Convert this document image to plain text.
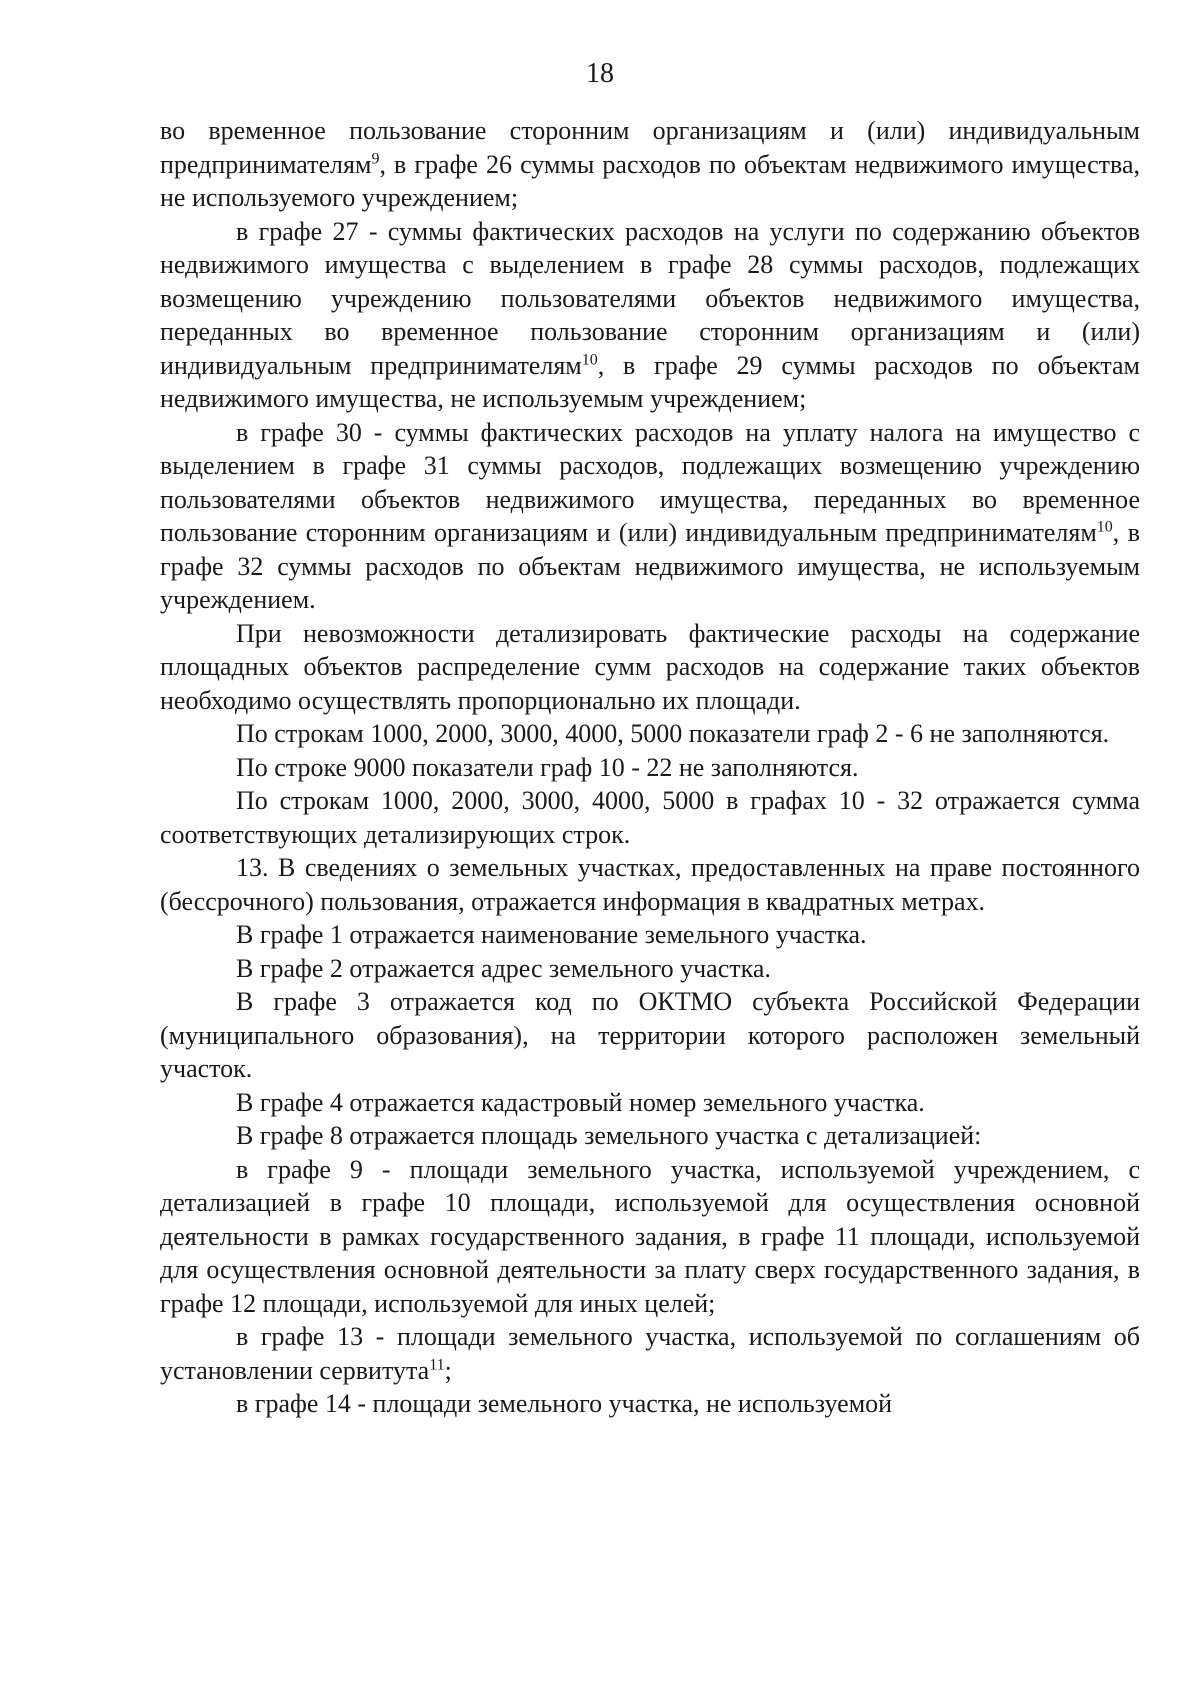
18

во временное пользование сторонним организациям и (или) индивидуальным предпринимателям$^9$, в графе 26 суммы расходов по объектам недвижимого имущества, не используемого учреждением;

в графе 27 - суммы фактических расходов на услуги по содержанию объектов недвижимого имущества с выделением в графе 28 суммы расходов, подлежащих возмещению учреждению пользователями объектов недвижимого имущества, переданных во временное пользование сторонним организациям и (или) индивидуальным предпринимателям$^{10}$, в графе 29 суммы расходов по объектам недвижимого имущества, не используемым учреждением;

в графе 30 - суммы фактических расходов на уплату налога на имущество с выделением в графе 31 суммы расходов, подлежащих возмещению учреждению пользователями объектов недвижимого имущества, переданных во временное пользование сторонним организациям и (или) индивидуальным предпринимателям$^{10}$, в графе 32 суммы расходов по объектам недвижимого имущества, не используемым учреждением.

При невозможности детализировать фактические расходы на содержание площадных объектов распределение сумм расходов на содержание таких объектов необходимо осуществлять пропорционально их площади.

По строкам 1000, 2000, 3000, 4000, 5000 показатели граф 2 - 6 не заполняются.

По строке 9000 показатели граф 10 - 22 не заполняются.

По строкам 1000, 2000, 3000, 4000, 5000 в графах 10 - 32 отражается сумма соответствующих детализирующих строк.

13. В сведениях о земельных участках, предоставленных на праве постоянного (бессрочного) пользования, отражается информация в квадратных метрах.

В графе 1 отражается наименование земельного участка.

В графе 2 отражается адрес земельного участка.

В графе 3 отражается код по ОКТМО субъекта Российской Федерации (муниципального образования), на территории которого расположен земельный участок.

В графе 4 отражается кадастровый номер земельного участка.

В графе 8 отражается площадь земельного участка с детализацией:

в графе 9 - площади земельного участка, используемой учреждением, с детализацией в графе 10 площади, используемой для осуществления основной деятельности в рамках государственного задания, в графе 11 площади, используемой для осуществления основной деятельности за плату сверх государственного задания, в графе 12 площади, используемой для иных целей;

в графе 13 - площади земельного участка, используемой по соглашениям об установлении сервитута$^{11}$;

в графе 14 - площади земельного участка, не используемой
